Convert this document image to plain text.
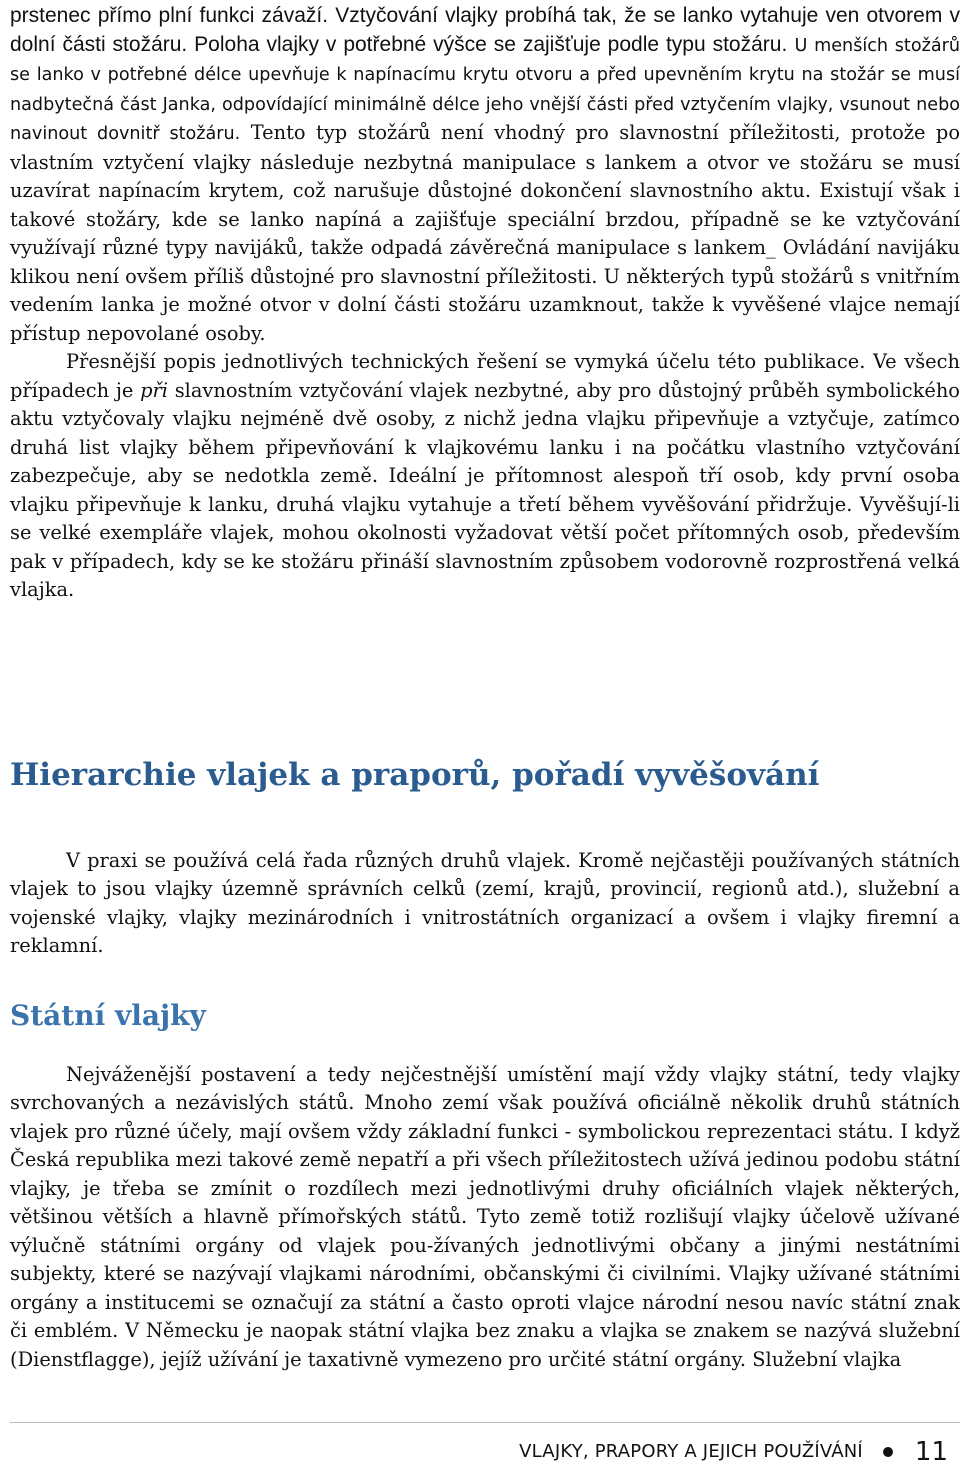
prstenec přímo plní funkci závaží. Vztyčování vlajky probíhá tak, že se lanko vytahuje ven otvorem v dolní části stožáru. Poloha vlajky v potřebné výšce se zajišťuje podle typu stožáru. U menších stožárů se lanko v potřebné délce upevňuje k napínacímu krytu otvoru a před upevněním krytu na stožár se musí nadbytečná část Janka, odpovídající minimálně délce jeho vnější části před vztyčením vlajky, vsunout nebo navinout dovnitř stožáru. Tento typ stožárů není vhodný pro slavnostní příležitosti, protože po vlastním vztyčení vlajky následuje nezbytná manipulace s lankem a otvor ve stožáru se musí uzavírat napínacím krytem, což narušuje důstojné dokončení slavnostního aktu. Existují však i takové stožáry, kde se lanko napíná a zajišťuje speciální brzdou, případně se ke vztyčování využívají různé typy navijáků, takže odpadá závěrečná manipulace s lankem_ Ovládání navijáku klikou není ovšem příliš důstojné pro slavnostní příležitosti. U některých typů stožárů s vnitřním vedením lanka je možné otvor v dolní části stožáru uzamknout, takže k vyvěšené vlajce nemají přístup nepovolané osoby.

Přesnější popis jednotlivých technických řešení se vymyká účelu této publikace. Ve všech případech je při slavnostním vztyčování vlajek nezbytné, aby pro důstojný průběh symbolického aktu vztyčovaly vlajku nejméně dvě osoby, z nichž jedna vlajku připevňuje a vztyčuje, zatímco druhá list vlajky během připevňování k vlajkovému lanku i na počátku vlastního vztyčování zabezpečuje, aby se nedotkla země. Ideální je přítomnost alespoň tří osob, kdy první osoba vlajku připevňuje k lanku, druhá vlajku vytahuje a třetí během vyvěšování přidržuje. Vyvěšují-li se velké exempláře vlajek, mohou okolnosti vyžadovat větší počet přítomných osob, především pak v případech, kdy se ke stožáru přináší slavnostním způsobem vodorovně rozprostřená velká vlajka.

Hierarchie vlajek a praporů, pořadí vyvěšování

V praxi se používá celá řada různých druhů vlajek. Kromě nejčastěji používaných státních vlajek to jsou vlajky územně správních celků (zemí, krajů, provincií, regionů atd.), služební a vojenské vlajky, vlajky mezinárodních i vnitrostátních organizací a ovšem i vlajky firemní a reklamní.

Státní vlajky

Nejváženější postavení a tedy nejčestnější umístění mají vždy vlajky státní, tedy vlajky svrchovaných a nezávislých států. Mnoho zemí však používá oficiálně několik druhů státních vlajek pro různé účely, mají ovšem vždy základní funkci - symbolickou reprezentaci státu. I když Česká republika mezi takové země nepatří a při všech příležitostech užívá jedinou podobu státní vlajky, je třeba se zmínit o rozdílech mezi jednotlivými druhy oficiálních vlajek některých, většinou větších a hlavně přímořských států. Tyto země totiž rozlišují vlajky účelově užívané výlučně státními orgány od vlajek pou-žívaných jednotlivými občany a jinými nestátními subjekty, které se nazývají vlajkami národními, občanskými či civilními. Vlajky užívané státními orgány a institucemi se označují za státní a často oproti vlajce národní nesou navíc státní znak či emblém. V Německu je naopak státní vlajka bez znaku a vlajka se znakem se nazývá služební (Dienstflagge), jejíž užívání je taxativně vymezeno pro určité státní orgány. Služební vlajka

VLAJKY, PRAPORY A JEJICH POUŽÍVÁNÍ 11
